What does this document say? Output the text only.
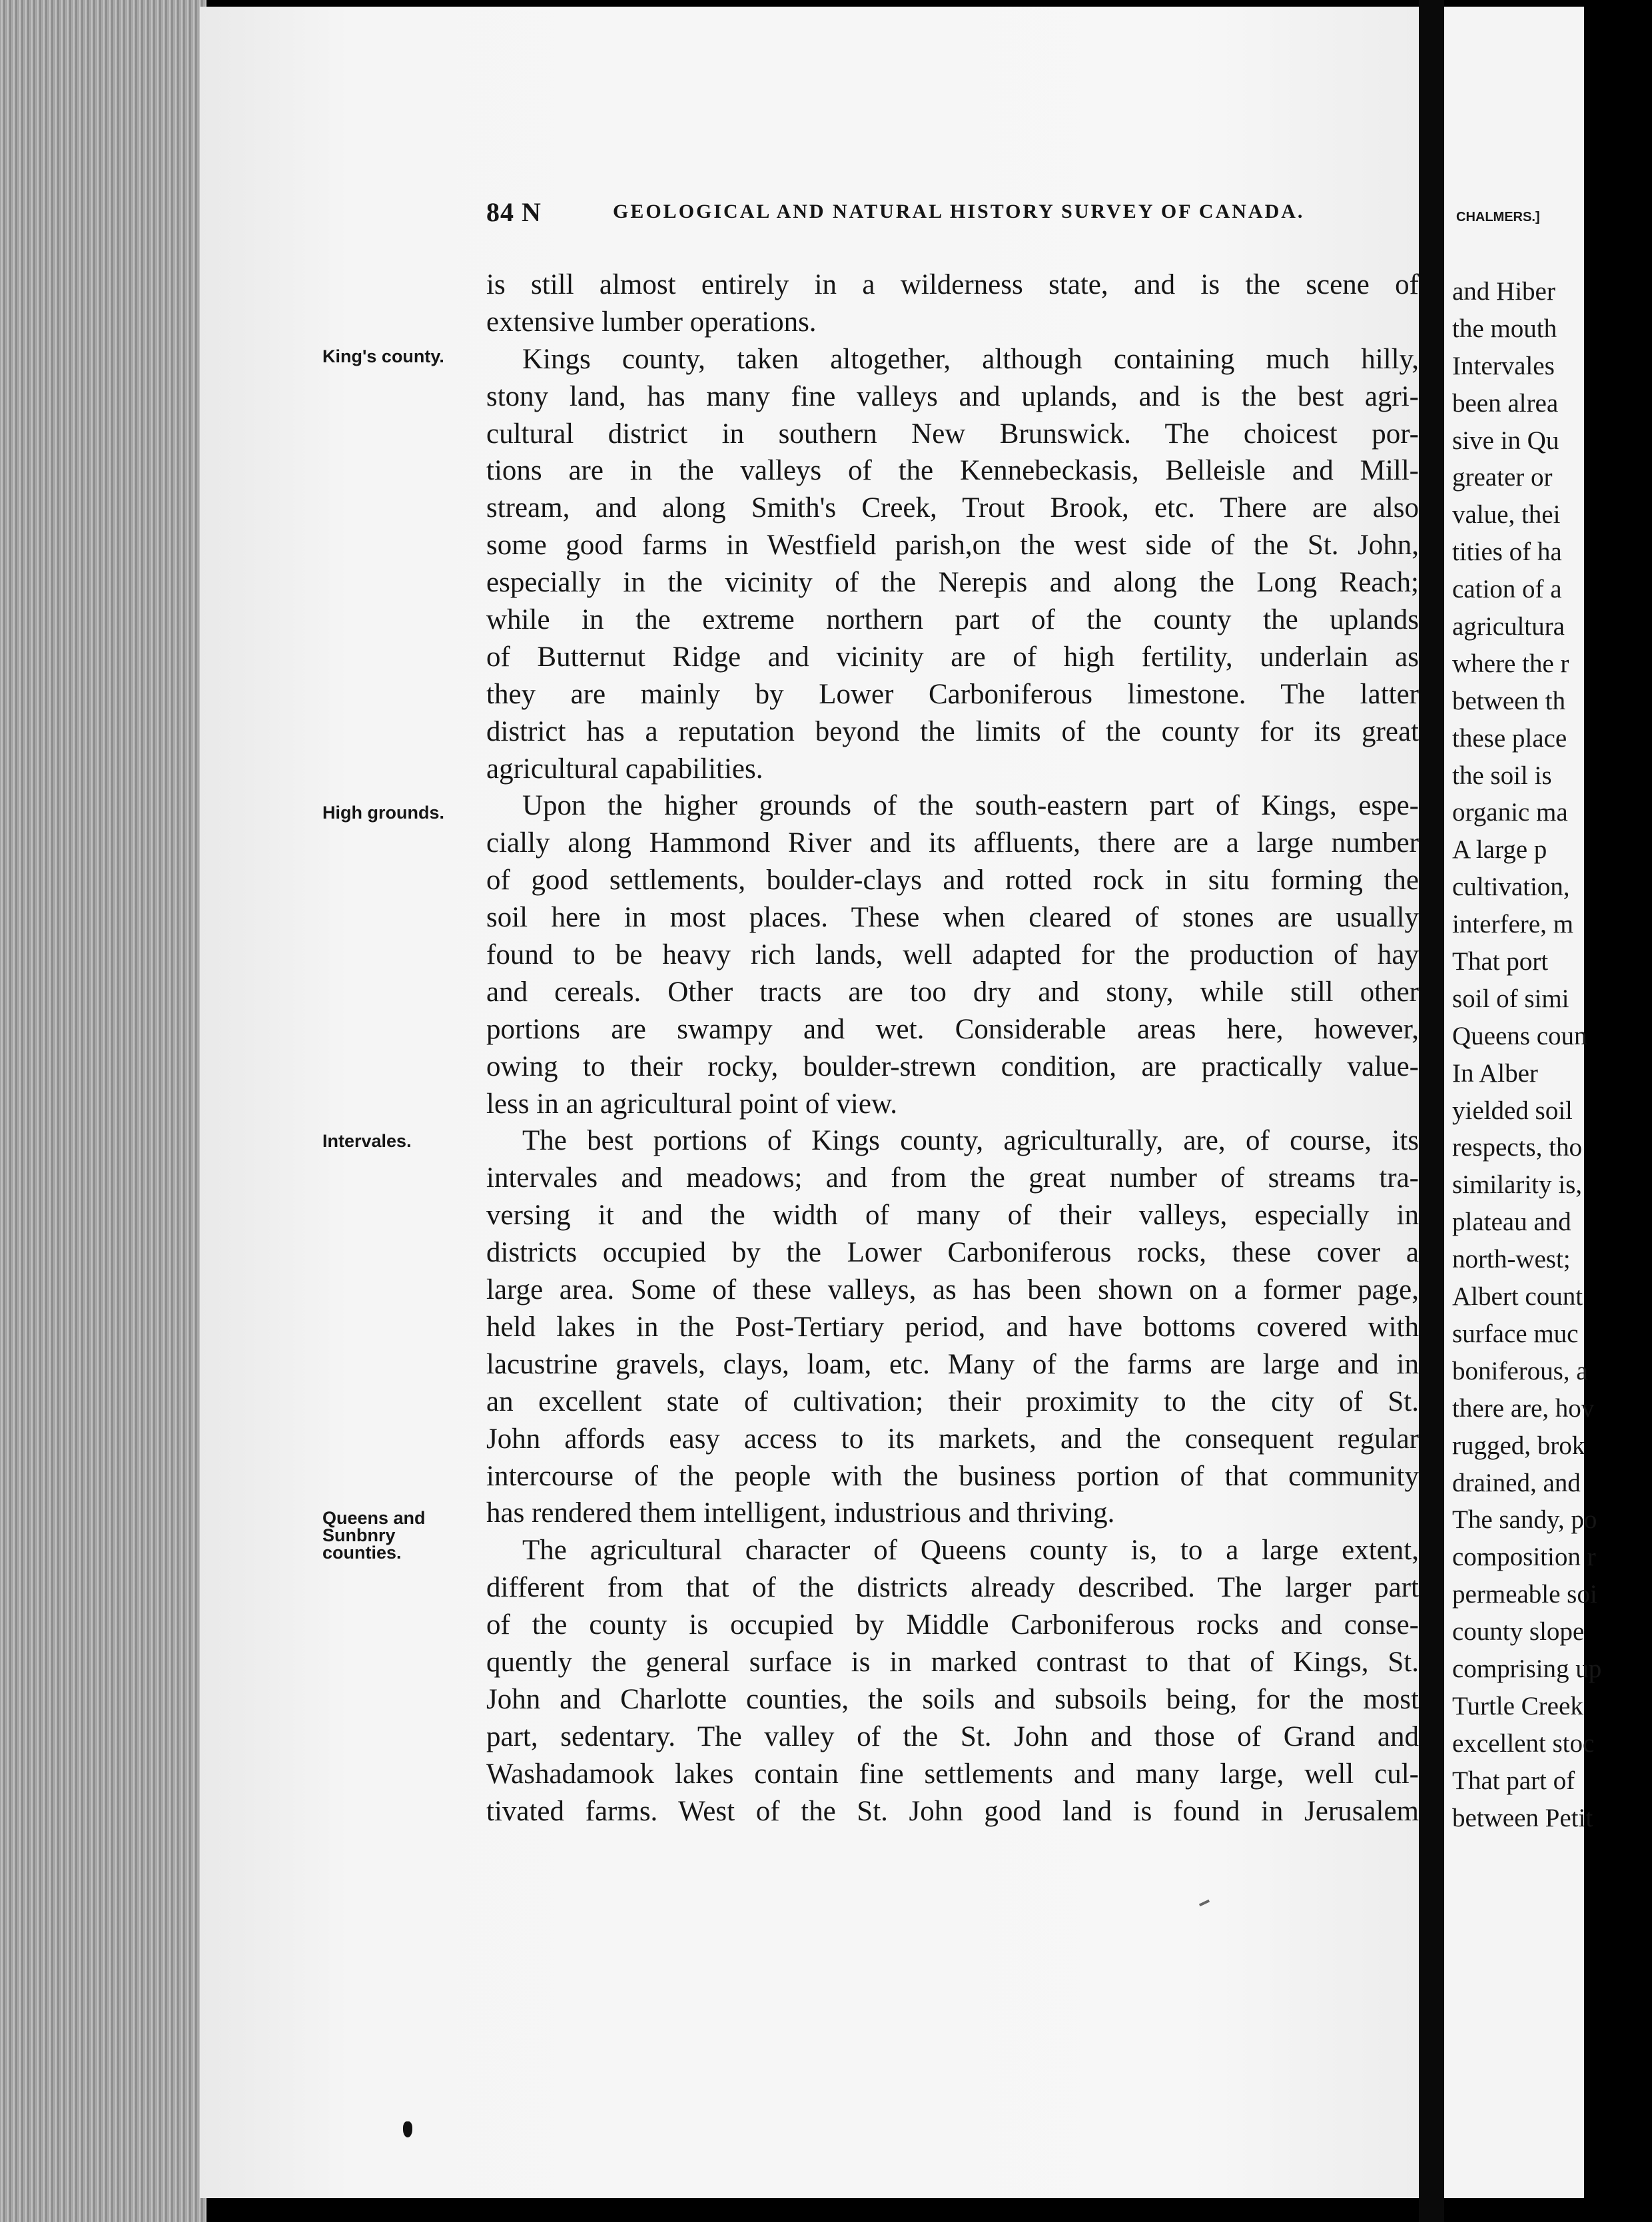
CHALMERS.]
and Hiber
the mouth
Intervales
been alrea
sive in Qu
greater or
value, thei
tities of ha
cation of a
agricultura
where the r
between th
these place
the soil is
organic ma
A large p
cultivation,
interfere, m
That port
soil of simi
Queens coun
In Alber
yielded soil
respects, tho
similarity is,
plateau and
north-west;
Albert count
surface muc
boniferous, a
there are, hov
rugged, brok
drained, and
The sandy, po
composition r
permeable soi
county slope
comprising up
Turtle Creek
excellent stoc
That part of
between Petit
84 N	GEOLOGICAL AND NATURAL HISTORY SURVEY OF CANADA.
King's county.
High grounds.
Intervales.
Queens and
Sunbnry
counties.
is still almost entirely in a wilderness state, and is the scene of
extensive lumber operations.
Kings county, taken altogether, although containing much hilly,
stony land, has many fine valleys and uplands, and is the best agri-
cultural district in southern New Brunswick. The choicest por-
tions are in the valleys of the Kennebeckasis, Belleisle and Mill-
stream, and along Smith's Creek, Trout Brook, etc. There are also
some good farms in Westfield parish,on the west side of the St. John,
especially in the vicinity of the Nerepis and along the Long Reach;
while in the extreme northern part of the county the uplands
of Butternut Ridge and vicinity are of high fertility, underlain as
they are mainly by Lower Carboniferous limestone. The latter
district has a reputation beyond the limits of the county for its great
agricultural capabilities.
Upon the higher grounds of the south-eastern part of Kings, espe-
cially along Hammond River and its affluents, there are a large number
of good settlements, boulder-clays and rotted rock in situ forming the
soil here in most places. These when cleared of stones are usually
found to be heavy rich lands, well adapted for the production of hay
and cereals. Other tracts are too dry and stony, while still other
portions are swampy and wet. Considerable areas here, however,
owing to their rocky, boulder-strewn condition, are practically value-
less in an agricultural point of view.
The best portions of Kings county, agriculturally, are, of course, its
intervales and meadows; and from the great number of streams tra-
versing it and the width of many of their valleys, especially in
districts occupied by the Lower Carboniferous rocks, these cover a
large area. Some of these valleys, as has been shown on a former page,
held lakes in the Post-Tertiary period, and have bottoms covered with
lacustrine gravels, clays, loam, etc. Many of the farms are large and in
an excellent state of cultivation; their proximity to the city of St.
John affords easy access to its markets, and the consequent regular
intercourse of the people with the business portion of that community
has rendered them intelligent, industrious and thriving.
The agricultural character of Queens county is, to a large extent,
different from that of the districts already described. The larger part
of the county is occupied by Middle Carboniferous rocks and conse-
quently the general surface is in marked contrast to that of Kings, St.
John and Charlotte counties, the soils and subsoils being, for the most
part, sedentary. The valley of the St. John and those of Grand and
Washadamook lakes contain fine settlements and many large, well cul-
tivated farms. West of the St. John good land is found in Jerusalem
